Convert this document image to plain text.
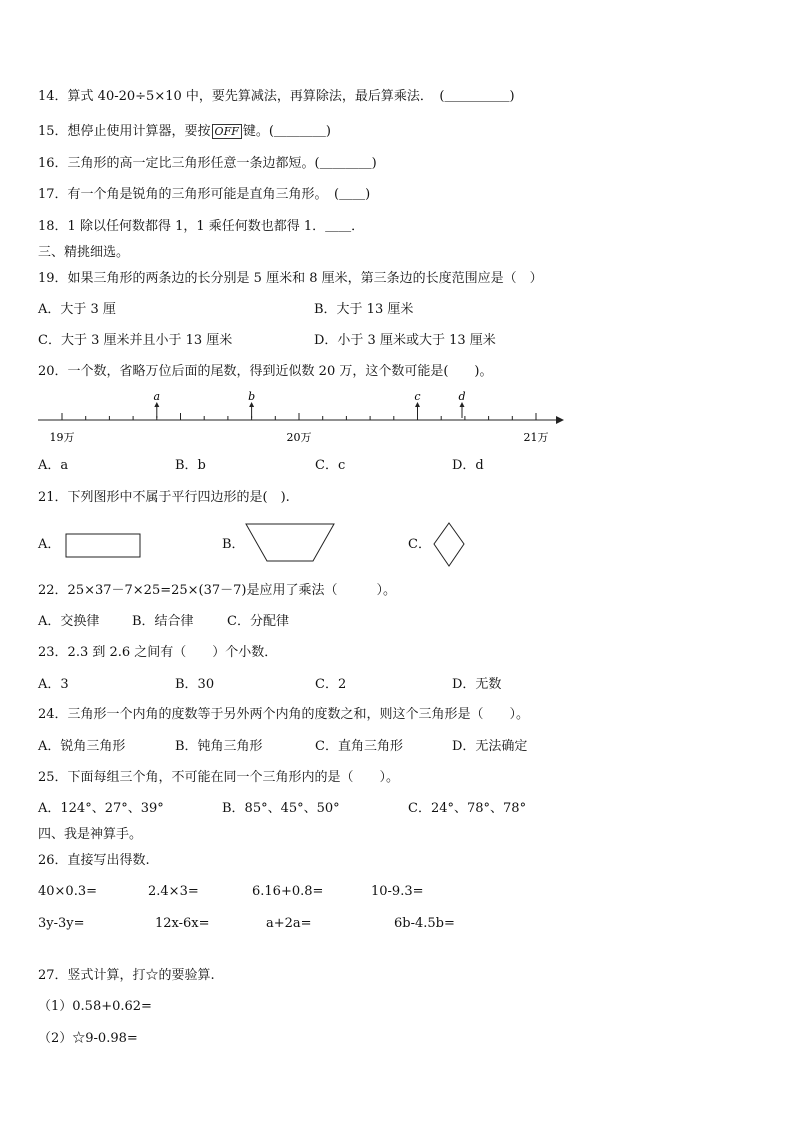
14．算式 40-20÷5×10 中，要先算减法，再算除法，最后算乘法．　(＿＿＿＿＿)
15．想停止使用计算器，要按 OFF 键。(＿＿＿＿)
16．三角形的高一定比三角形任意一条边都短。(＿＿＿＿)
17．有一个角是锐角的三角形可能是直角三角形。　(＿＿)
18．1 除以任何数都得 1，1 乘任何数也都得 1．＿＿．
三、精挑细选。
19．如果三角形的两条边的长分别是 5 厘米和 8 厘米，第三条边的长度范围应是（　）
A．大于 3 厘	B．大于 13 厘米
C．大于 3 厘米并且小于 13 厘米	D．小于 3 厘米或大于 13 厘米
20．一个数，省略万位后面的尾数，得到近似数 20 万，这个数可能是(　　)。
a	b	c	d
19万	20万	21万
A．a	B．b	C．c	D．d
21．下列图形中不属于平行四边形的是(　).
A．	B．	C．
22．25×37－7×25=25×(37－7)是应用了乘法（　　　）。
A．交换律	B．结合律	C．分配律
23．2.3 到 2.6 之间有（　　）个小数．
A．3	B．30	C．2	D．无数
24．三角形一个内角的度数等于另外两个内角的度数之和，则这个三角形是（　　）。
A．锐角三角形	B．钝角三角形	C．直角三角形	D．无法确定
25．下面每组三个角，不可能在同一个三角形内的是（　　）。
A．124°、27°、39°	B．85°、45°、50°	C．24°、78°、78°
四、我是神算手。
26．直接写出得数.
40×0.3=	2.4×3=	6.16+0.8=	10-9.3=
3y-3y=	12x-6x=	a+2a=	6b-4.5b=
27．竖式计算，打☆的要验算.
（1）0.58+0.62=
（2）☆9-0.98=
